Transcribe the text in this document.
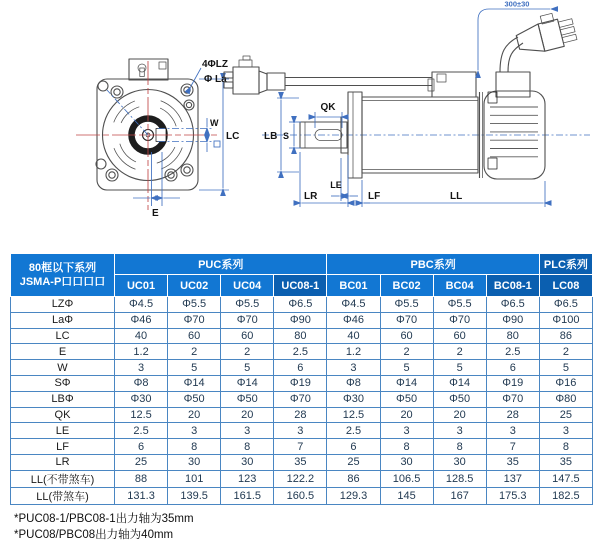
W
LC
E
4ΦLZ
Φ La
300±30
LB S
QK
LE
LR	LF	LL
80框以下系列
JSMA-P口口口口	PUC系列				PBC系列				PLC系列
	UC01	UC02	UC04	UC08-1	BC01	BC02	BC04	BC08-1	LC08
LZΦ	Φ4.5	Φ5.5	Φ5.5	Φ6.5	Φ4.5	Φ5.5	Φ5.5	Φ6.5	Φ6.5
LaΦ	Φ46	Φ70	Φ70	Φ90	Φ46	Φ70	Φ70	Φ90	Φ100
LC	40	60	60	80	40	60	60	80	86
E	1.2	2	2	2.5	1.2	2	2	2.5	2
W	3	5	5	6	3	5	5	6	5
SΦ	Φ8	Φ14	Φ14	Φ19	Φ8	Φ14	Φ14	Φ19	Φ16
LBΦ	Φ30	Φ50	Φ50	Φ70	Φ30	Φ50	Φ50	Φ70	Φ80
QK	12.5	20	20	28	12.5	20	20	28	25
LE	2.5	3	3	3	2.5	3	3	3	3
LF	6	8	8	7	6	8	8	7	8
LR	25	30	30	35	25	30	30	35	35
LL(不带煞车)	88	101	123	122.2	86	106.5	128.5	137	147.5
LL(带煞车)	131.3	139.5	161.5	160.5	129.3	145	167	175.3	182.5
*PUC08-1/PBC08-1出力轴为35mm
*PUC08/PBC08出力轴为40mm
